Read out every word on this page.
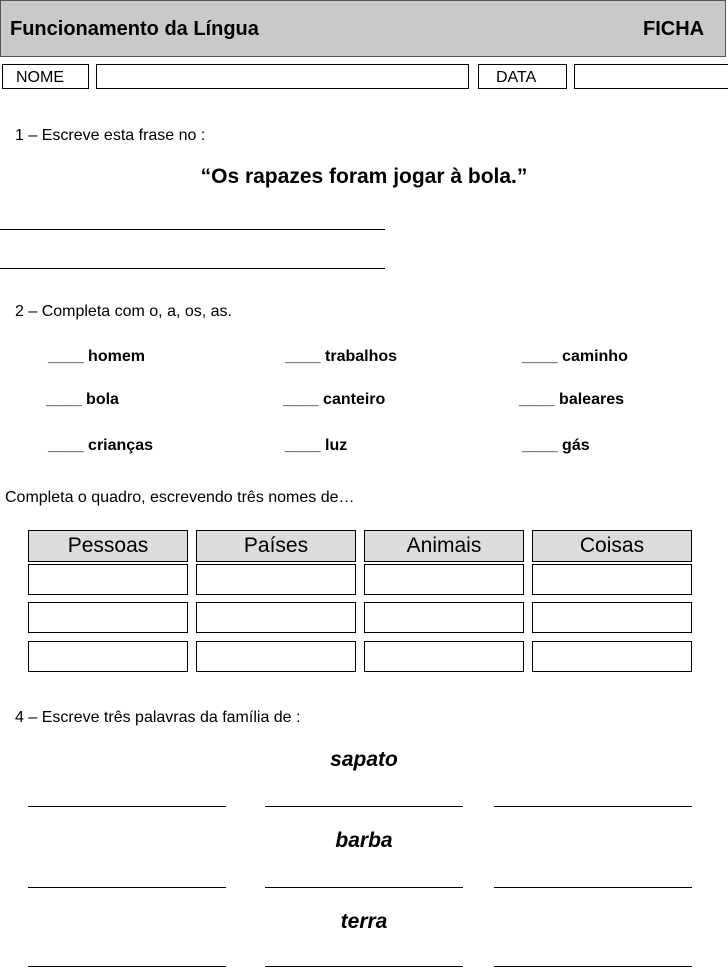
Funcionamento da Língua	FICHA
NOME	DATA
1 – Escreve esta frase no :
“Os rapazes foram jogar à bola.”
2 – Completa com o, a, os, as.
____ homem	____ trabalhos	____ caminho
____ bola	____ canteiro	____ baleares
____ crianças	____ luz	____ gás
Completa o quadro, escrevendo três nomes de…
Pessoas	Países	Animais	Coisas
4 – Escreve três palavras da família de :
sapato
barba
terra
